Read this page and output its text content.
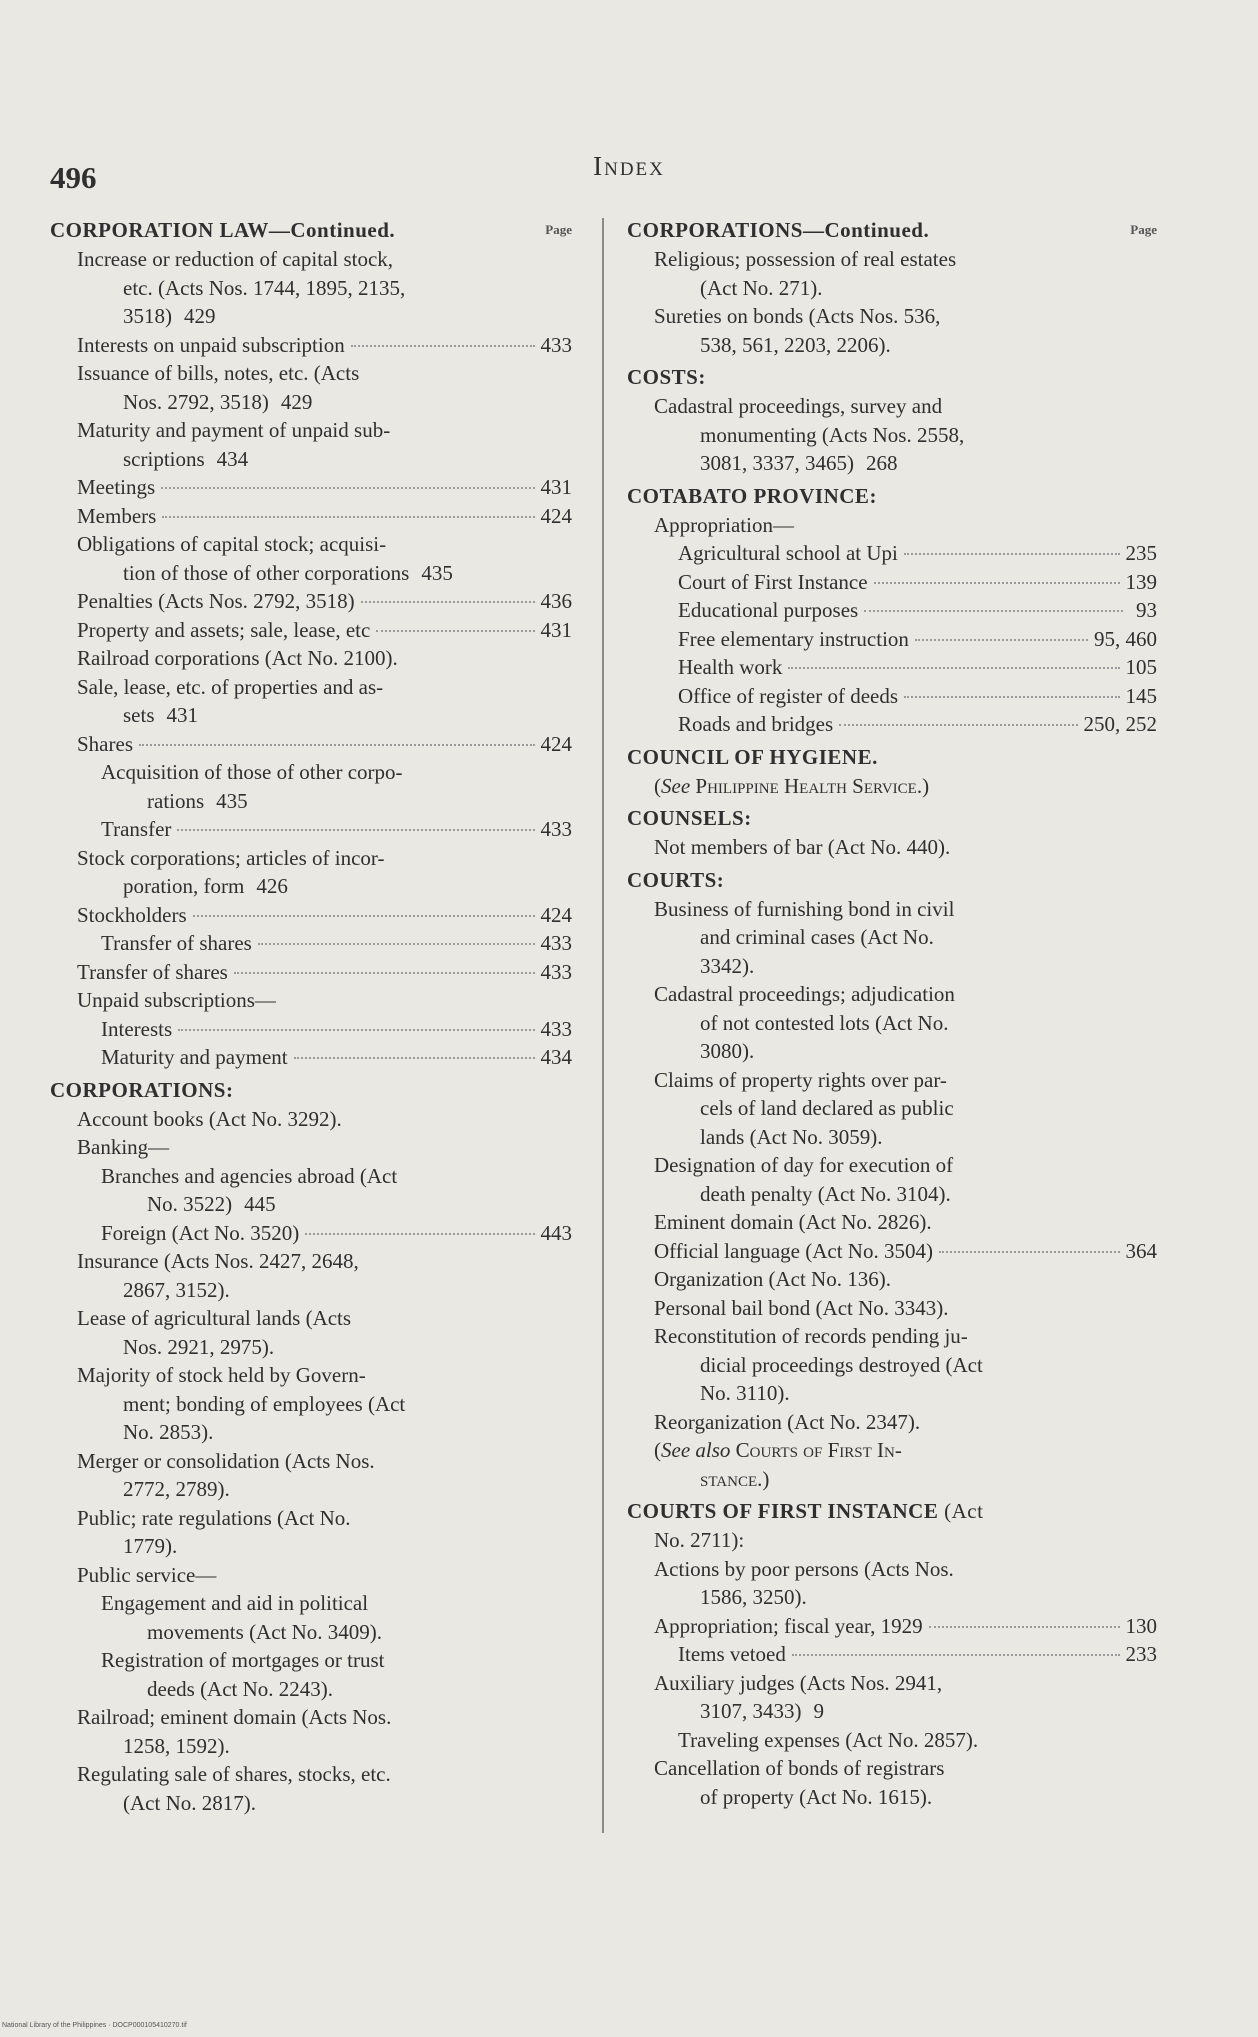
496	Index
Page
CORPORATION LAW—Continued.
Increase or reduction of capital stock,
etc. (Acts Nos. 1744, 1895, 2135,
3518) 429
Interests on unpaid subscription	433
Issuance of bills, notes, etc. (Acts
Nos. 2792, 3518) 429
Maturity and payment of unpaid sub-
scriptions 434
Meetings	431
Members	424
Obligations of capital stock; acquisi-
tion of those of other corporations 435
Penalties (Acts Nos. 2792, 3518)	436
Property and assets; sale, lease, etc	431
Railroad corporations (Act No. 2100).
Sale, lease, etc. of properties and as-
sets 431
Shares	424
Acquisition of those of other corpo-
rations 435
Transfer	433
Stock corporations; articles of incor-
poration, form 426
Stockholders	424
Transfer of shares	433
Transfer of shares	433
Unpaid subscriptions—
Interests	433
Maturity and payment	434
CORPORATIONS:
Account books (Act No. 3292).
Banking—
Branches and agencies abroad (Act
No. 3522) 445
Foreign (Act No. 3520)	443
Insurance (Acts Nos. 2427, 2648,
2867, 3152).
Lease of agricultural lands (Acts
Nos. 2921, 2975).
Majority of stock held by Govern-
ment; bonding of employees (Act
No. 2853).
Merger or consolidation (Acts Nos.
2772, 2789).
Public; rate regulations (Act No.
1779).
Public service—
Engagement and aid in political
movements (Act No. 3409).
Registration of mortgages or trust
deeds (Act No. 2243).
Railroad; eminent domain (Acts Nos.
1258, 1592).
Regulating sale of shares, stocks, etc.
(Act No. 2817).
Page
CORPORATIONS—Continued.
Religious; possession of real estates
(Act No. 271).
Sureties on bonds (Acts Nos. 536,
538, 561, 2203, 2206).
COSTS:
Cadastral proceedings, survey and
monumenting (Acts Nos. 2558,
3081, 3337, 3465) 268
COTABATO PROVINCE:
Appropriation—
Agricultural school at Upi	235
Court of First Instance	139
Educational purposes	93
Free elementary instruction	95, 460
Health work	105
Office of register of deeds	145
Roads and bridges	250, 252
COUNCIL OF HYGIENE.
(See Philippine Health Service.)
COUNSELS:
Not members of bar (Act No. 440).
COURTS:
Business of furnishing bond in civil
and criminal cases (Act No.
3342).
Cadastral proceedings; adjudication
of not contested lots (Act No.
3080).
Claims of property rights over par-
cels of land declared as public
lands (Act No. 3059).
Designation of day for execution of
death penalty (Act No. 3104).
Eminent domain (Act No. 2826).
Official language (Act No. 3504)	364
Organization (Act No. 136).
Personal bail bond (Act No. 3343).
Reconstitution of records pending ju-
dicial proceedings destroyed (Act
No. 3110).
Reorganization (Act No. 2347).
(See also Courts of First In-
stance.)
COURTS OF FIRST INSTANCE (Act
No. 2711):
Actions by poor persons (Acts Nos.
1586, 3250).
Appropriation; fiscal year, 1929	130
Items vetoed	233
Auxiliary judges (Acts Nos. 2941,
3107, 3433) 9
Traveling expenses (Act No. 2857).
Cancellation of bonds of registrars
of property (Act No. 1615).
National Library of the Philippines · DOCP000105410270.tif
